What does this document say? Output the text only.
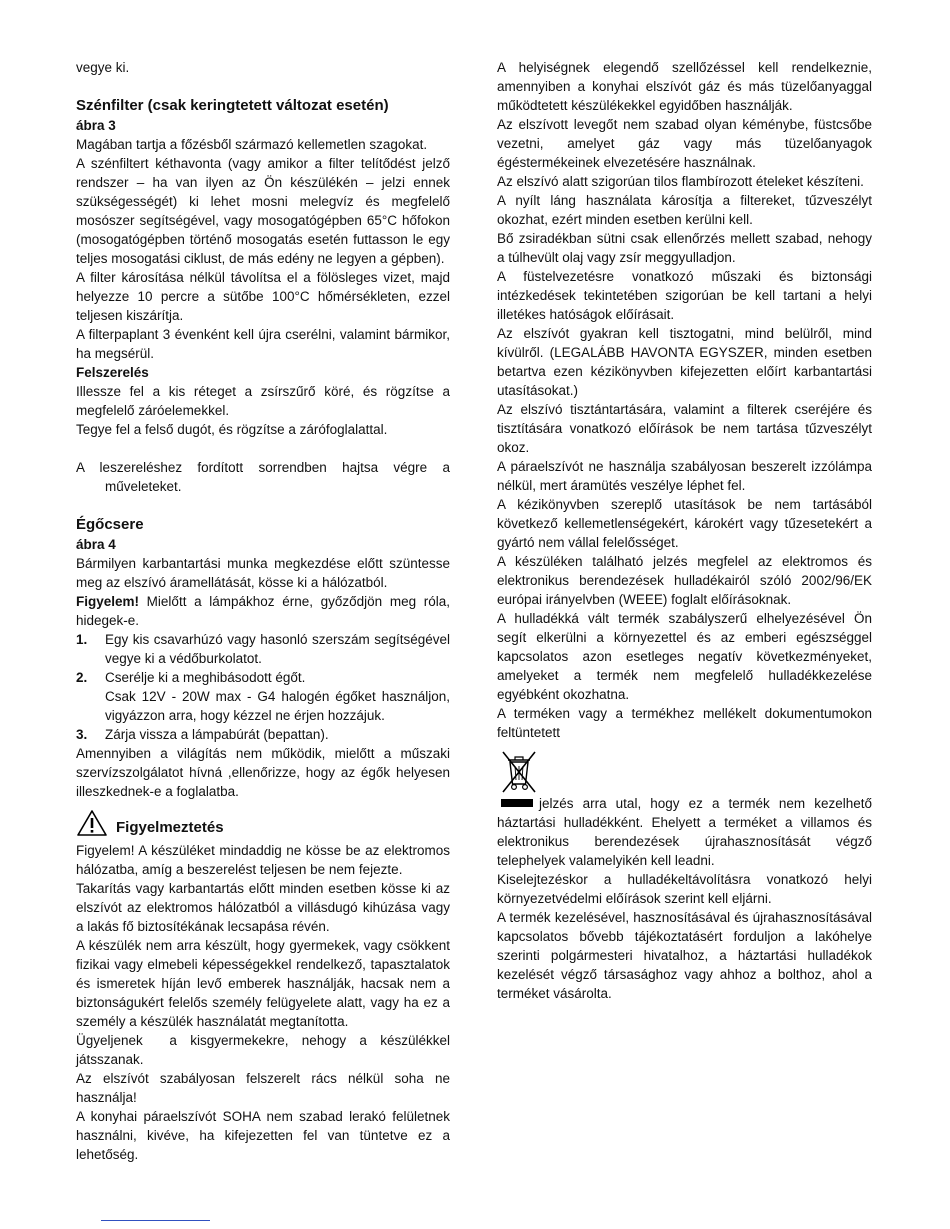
vegye ki.

Szénfilter (csak keringtetett változat esetén)
ábra 3

Magában tartja a főzésből származó kellemetlen szagokat.

A szénfiltert kéthavonta (vagy amikor a filter telítődést jelző rendszer – ha van ilyen az Ön készülékén – jelzi ennek szükségességét) ki lehet mosni melegvíz és megfelelő mosószer segítségével, vagy mosogatógépben 65°C hőfokon (mosogatógépben történő mosogatás esetén futtasson le egy teljes mosogatási ciklust, de más edény ne legyen a gépben).

A filter károsítása nélkül távolítsa el a fölösleges vizet, majd helyezze 10 percre a sütőbe 100°C hőmérsékleten, ezzel teljesen kiszárítja.

A filterpaplant 3 évenként kell újra cserélni, valamint bármikor, ha megsérül.

Felszerelés

Illessze fel a kis réteget a zsírszűrő köré, és rögzítse a megfelelő záróelemekkel.

Tegye fel a felső dugót, és rögzítse a zárófoglalattal.

A leszereléshez fordított sorrendben hajtsa végre a műveleteket.

Égőcsere
ábra 4

Bármilyen karbantartási munka megkezdése előtt szüntesse meg az elszívó áramellátását, kösse ki a hálózatból.

Figyelem! Mielőtt a lámpákhoz érne, győződjön meg róla, hidegek-e.

1.	Egy kis csavarhúzó vagy hasonló szerszám segítségével vegye ki a védőburkolatot.
2.	Cserélje ki a meghibásodott égőt.
Csak 12V - 20W max - G4 halogén égőket használjon, vigyázzon arra, hogy kézzel ne érjen hozzájuk.
3.	Zárja vissza a lámpabúrát (bepattan).

Amennyiben a világítás nem működik, mielőtt a műszaki szervízszolgálatot hívná ,ellenőrizze, hogy az égők helyesen illeszkednek-e a foglalatba.

Figyelmeztetés

Figyelem! A készüléket mindaddig ne kösse be az elektromos hálózatba, amíg a beszerelést teljesen be nem fejezte.

Takarítás vagy karbantartás előtt minden esetben kösse ki az elszívót az elektromos hálózatból a villásdugó kihúzása vagy a lakás fő biztosítékának lecsapása révén.

A készülék nem arra készült, hogy gyermekek, vagy csökkent fizikai vagy elmebeli képességekkel rendelkező, tapasztalatok és ismeretek híján levő emberek használják, hacsak nem a biztonságukért felelős személy felügyelete alatt, vagy ha ez a személy a készülék használatát megtanította.

Ügyeljenek    a  kisgyermekekre,  nehogy  a  készülékkel játsszanak.

Az elszívót szabályosan felszerelt rács nélkül soha ne használja!

A konyhai páraelszívót SOHA nem szabad lerakó felületnek használni, kivéve, ha kifejezetten fel van tüntetve ez a lehetőség.

A helyiségnek elegendő szellőzéssel kell rendelkeznie, amennyiben a konyhai elszívót gáz és más tüzelőanyaggal működtetett készülékekkel egyidőben használják.

Az elszívott levegőt nem szabad olyan kéménybe, füstcsőbe vezetni, amelyet gáz vagy más tüzelőanyagok égéstermékeinek elvezetésére használnak.

Az elszívó alatt szigorúan tilos flambírozott ételeket készíteni.

A nyílt láng használata károsítja a filtereket, tűzveszélyt okozhat, ezért minden esetben kerülni kell.

Bő zsiradékban sütni csak ellenőrzés mellett szabad, nehogy a túlhevült olaj vagy zsír meggyulladjon.

A füstelvezetésre vonatkozó műszaki és biztonsági intézkedések tekintetében szigorúan be kell tartani a helyi illetékes hatóságok előírásait.

Az elszívót gyakran kell tisztogatni, mind belülről, mind kívülről. (LEGALÁBB HAVONTA EGYSZER, minden esetben betartva ezen kézikönyvben kifejezetten előírt karbantartási utasításokat.)

Az elszívó tisztántartására, valamint a filterek cseréjére és tisztítására vonatkozó előírások be nem tartása tűzveszélyt okoz.

A páraelszívót ne használja szabályosan beszerelt izzólámpa nélkül, mert áramütés veszélye léphet fel.

A kézikönyvben szereplő utasítások be nem tartásából következő kellemetlenségekért, károkért vagy tűzesetekért a gyártó nem vállal felelősséget.

A készüléken található jelzés megfelel az elektromos és elektronikus berendezések hulladékairól szóló 2002/96/EK európai irányelvben (WEEE) foglalt előírásoknak.

A hulladékká vált termék szabályszerű elhelyezésével Ön segít elkerülni a környezettel és az emberi egészséggel kapcsolatos azon esetleges negatív következményeket, amelyeket a termék nem megfelelő hulladékkezelése egyébként okozhatna.

A terméken vagy a termékhez mellékelt dokumentumokon feltüntetett

jelzés arra utal, hogy ez a termék nem kezelhető háztartási hulladékként. Ehelyett a terméket a villamos és elektronikus berendezések újrahasznosítását végző telephelyek valamelyikén kell leadni.

Kiselejtezéskor a hulladékeltávolításra vonatkozó helyi környezetvédelmi előírások szerint kell eljárni.

A termék kezelésével, hasznosításával és újrahasznosításával kapcsolatos bővebb tájékoztatásért forduljon a lakóhelye szerinti polgármesteri hivatalhoz, a háztartási hulladékok kezelését végző társasághoz vagy ahhoz a bolthoz, ahol a terméket vásárolta.
